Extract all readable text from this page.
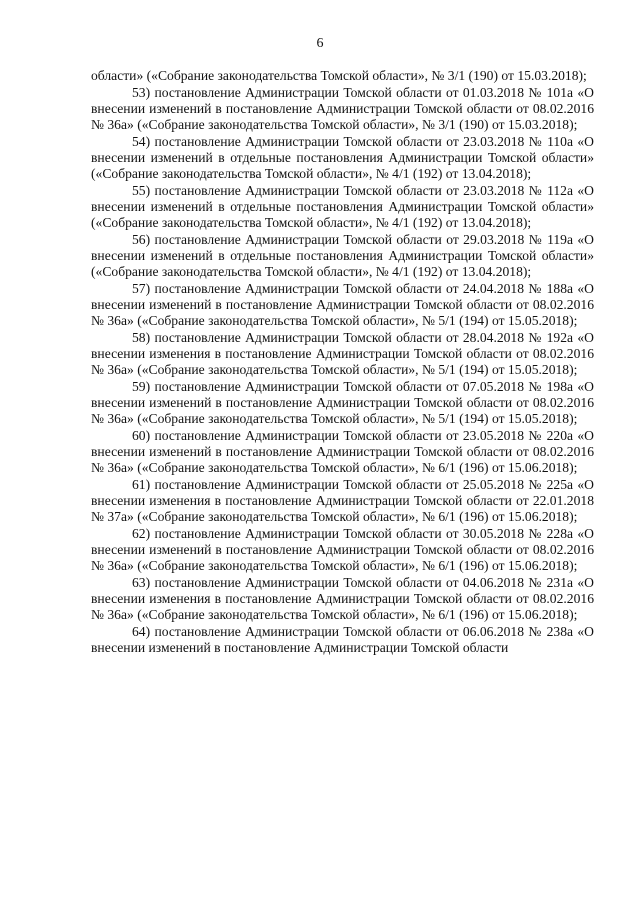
6

области» («Собрание законодательства Томской области», № 3/1 (190) от 15.03.2018);

53) постановление Администрации Томской области от 01.03.2018 № 101а «О внесении изменений в постановление Администрации Томской области от 08.02.2016 № 36а» («Собрание законодательства Томской области», № 3/1 (190) от 15.03.2018);

54) постановление Администрации Томской области от 23.03.2018 № 110а «О внесении изменений в отдельные постановления Администрации Томской области» («Собрание законодательства Томской области», № 4/1 (192) от 13.04.2018);

55) постановление Администрации Томской области от 23.03.2018 № 112а «О внесении изменений в отдельные постановления Администрации Томской области» («Собрание законодательства Томской области», № 4/1 (192) от 13.04.2018);

56) постановление Администрации Томской области от 29.03.2018 № 119а «О внесении изменений в отдельные постановления Администрации Томской области» («Собрание законодательства Томской области», № 4/1 (192) от 13.04.2018);

57) постановление Администрации Томской области от 24.04.2018 № 188а «О внесении изменений в постановление Администрации Томской области от 08.02.2016 № 36а» («Собрание законодательства Томской области», № 5/1 (194) от 15.05.2018);

58) постановление Администрации Томской области от 28.04.2018 № 192а «О внесении изменения в постановление Администрации Томской области от 08.02.2016 № 36а» («Собрание законодательства Томской области», № 5/1 (194) от 15.05.2018);

59) постановление Администрации Томской области от 07.05.2018 № 198а «О внесении изменений в постановление Администрации Томской области от 08.02.2016 № 36а» («Собрание законодательства Томской области», № 5/1 (194) от 15.05.2018);

60) постановление Администрации Томской области от 23.05.2018 № 220а «О внесении изменений в постановление Администрации Томской области от 08.02.2016 № 36а» («Собрание законодательства Томской области», № 6/1 (196) от 15.06.2018);

61) постановление Администрации Томской области от 25.05.2018 № 225а «О внесении изменения в постановление Администрации Томской области от 22.01.2018 № 37а» («Собрание законодательства Томской области», № 6/1 (196) от 15.06.2018);

62) постановление Администрации Томской области от 30.05.2018 № 228а «О внесении изменений в постановление Администрации Томской области от 08.02.2016 № 36а» («Собрание законодательства Томской области», № 6/1 (196) от 15.06.2018);

63) постановление Администрации Томской области от 04.06.2018 № 231а «О внесении изменения в постановление Администрации Томской области от 08.02.2016 № 36а» («Собрание законодательства Томской области», № 6/1 (196) от 15.06.2018);

64) постановление Администрации Томской области от 06.06.2018 № 238а «О внесении изменений в постановление Администрации Томской области
